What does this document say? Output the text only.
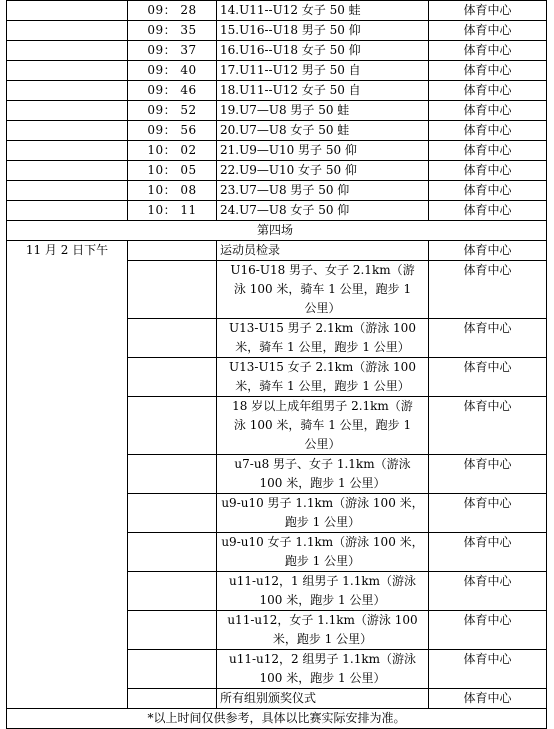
	09： 28	14.U11--U12 女子 50 蛙	体育中心
	09： 35	15.U16--U18 男子 50 仰	体育中心
	09： 37	16.U16--U18 女子 50 仰	体育中心
	09： 40	17.U11--U12 男子 50 自	体育中心
	09： 46	18.U11--U12 女子 50 自	体育中心
	09： 52	19.U7—U8 男子 50 蛙	体育中心
	09： 56	20.U7—U8 女子 50 蛙	体育中心
	10： 02	21.U9—U10 男子 50 仰	体育中心
	10： 05	22.U9—U10 女子 50 仰	体育中心
	10： 08	23.U7—U8 男子 50 仰	体育中心
	10： 11	24.U7—U8 女子 50 仰	体育中心
第四场			
11 月 2 日下午		运动员检录	体育中心

		U16-U18 男子、女子 2.1km（游
泳 100 米，骑车 1 公里，跑步 1
公里）	体育中心

		U13-U15 男子 2.1km（游泳 100
米，骑车 1 公里，跑步 1 公里）	体育中心

		U13-U15 女子 2.1km（游泳 100
米，骑车 1 公里，跑步 1 公里）	体育中心

		18 岁以上成年组男子 2.1km（游
泳 100 米，骑车 1 公里，跑步 1
公里）	体育中心

		u7-u8 男子、女子 1.1km（游泳
100 米，跑步 1 公里）	体育中心

		u9-u10 男子 1.1km（游泳 100 米，
跑步 1 公里）	体育中心

		u9-u10 女子 1.1km（游泳 100 米，
跑步 1 公里）	体育中心

		u11-u12，1 组男子 1.1km（游泳
100 米，跑步 1 公里）	体育中心

		u11-u12，女子 1.1km（游泳 100
米，跑步 1 公里）	体育中心

		u11-u12，2 组男子 1.1km（游泳
100 米，跑步 1 公里）	体育中心

		所有组别颁奖仪式	体育中心
*以上时间仅供参考，具体以比赛实际安排为准。			
